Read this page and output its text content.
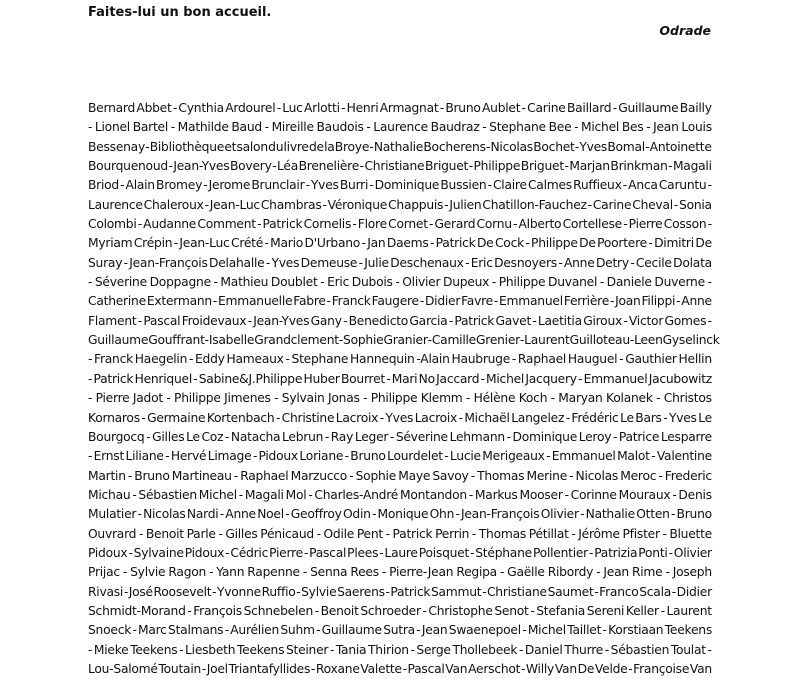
Faites-lui un bon accueil.
Odrade
Bernard Abbet - Cynthia Ardourel - Luc Arlotti - Henri Armagnat - Bruno Aublet - Carine Baillard - Guillaume Bailly
- Lionel Bartel - Mathilde Baud - Mireille Baudois - Laurence Baudraz - Stephane Bee - Michel Bes - Jean Louis
Bessenay - Bibliothèque et salon du livre de la Broye - Nathalie Bocherens - Nicolas Bochet - Yves Bomal - Antoinette
Bourquenoud - Jean-Yves Bovery - Léa Brenelière - Christiane Briguet - Philippe Briguet - Marjan Brinkman - Magali
Briod - Alain Bromey - Jerome Brunclair - Yves Burri - Dominique Bussien - Claire Calmes Ruffieux - Anca Caruntu -
Laurence Chaleroux - Jean-Luc Chambras - Véronique Chappuis - Julien Chatillon-Fauchez - Carine Cheval - Sonia
Colombi - Audanne Comment - Patrick Cornelis - Flore Cornet - Gerard Cornu - Alberto Cortellese - Pierre Cosson -
Myriam Crépin - Jean-Luc Crété - Mario D'Urbano - Jan Daems - Patrick De Cock - Philippe De Poortere - Dimitri De
Suray - Jean-François Delahalle - Yves Demeuse - Julie Deschenaux - Eric Desnoyers - Anne Detry - Cecile Dolata
- Séverine Doppagne - Mathieu Doublet - Eric Dubois - Olivier Dupeux - Philippe Duvanel - Daniele Duverne -
Catherine Extermann - Emmanuelle Fabre - Franck Faugere - Didier Favre - Emmanuel Ferrière - Joan Filippi - Anne
Flament - Pascal Froidevaux - Jean-Yves Gany - Benedicto Garcia - Patrick Gavet - Laetitia Giroux - Victor Gomes -
Guillaume Gouffrant - Isabelle Grandclement - Sophie Granier - Camille Grenier - Laurent Guilloteau - Leen Gyselinck
- Franck Haegelin - Eddy Hameaux - Stephane Hannequin -Alain Haubruge - Raphael Hauguel - Gauthier Hellin
- Patrick Henriquel - Sabine&J.Philippe Huber Bourret - Mari No Jaccard - Michel Jacquery - Emmanuel Jacubowitz
- Pierre Jadot - Philippe Jimenes - Sylvain Jonas - Philippe Klemm - Hélène Koch - Maryan Kolanek - Christos
Kornaros - Germaine Kortenbach - Christine Lacroix - Yves Lacroix - Michaël Langelez - Frédéric Le Bars - Yves Le
Bourgocq - Gilles Le Coz - Natacha Lebrun - Ray Leger - Séverine Lehmann - Dominique Leroy - Patrice Lesparre
- Ernst Liliane - Hervé Limage - Pidoux Loriane - Bruno Lourdelet - Lucie Merigeaux - Emmanuel Malot - Valentine
Martin - Bruno Martineau - Raphael Marzucco - Sophie Maye Savoy - Thomas Merine - Nicolas Meroc - Frederic
Michau - Sébastien Michel - Magali Mol - Charles-André Montandon - Markus Mooser - Corinne Mouraux - Denis
Mulatier - Nicolas Nardi - Anne Noel - Geoffroy Odin - Monique Ohn - Jean-François Olivier - Nathalie Otten - Bruno
Ouvrard - Benoit Parle - Gilles Pénicaud - Odile Pent - Patrick Perrin - Thomas Pétillat - Jérôme Pfister - Bluette
Pidoux - Sylvaine Pidoux - Cédric Pierre - Pascal Plees - Laure Poisquet - Stéphane Pollentier - Patrizia Ponti - Olivier
Prijac - Sylvie Ragon - Yann Rapenne - Senna Rees - Pierre-Jean Regipa - Gaëlle Ribordy - Jean Rime - Joseph
Rivasi - José Roosevelt - Yvonne Ruffio - Sylvie Saerens - Patrick Sammut - Christiane Saumet - Franco Scala - Didier
Schmidt-Morand - François Schnebelen - Benoit Schroeder - Christophe Senot - Stefania Sereni Keller - Laurent
Snoeck - Marc Stalmans - Aurélien Suhm - Guillaume Sutra - Jean Swaenepoel - Michel Taillet - Korstiaan Teekens
- Mieke Teekens - Liesbeth Teekens Steiner - Tania Thirion - Serge Thollebeek - Daniel Thurre - Sébastien Toulat -
Lou-Salomé Toutain - Joel Triantafyllides - Roxane Valette - Pascal Van Aerschot - Willy Van De Velde - Françoise Van
